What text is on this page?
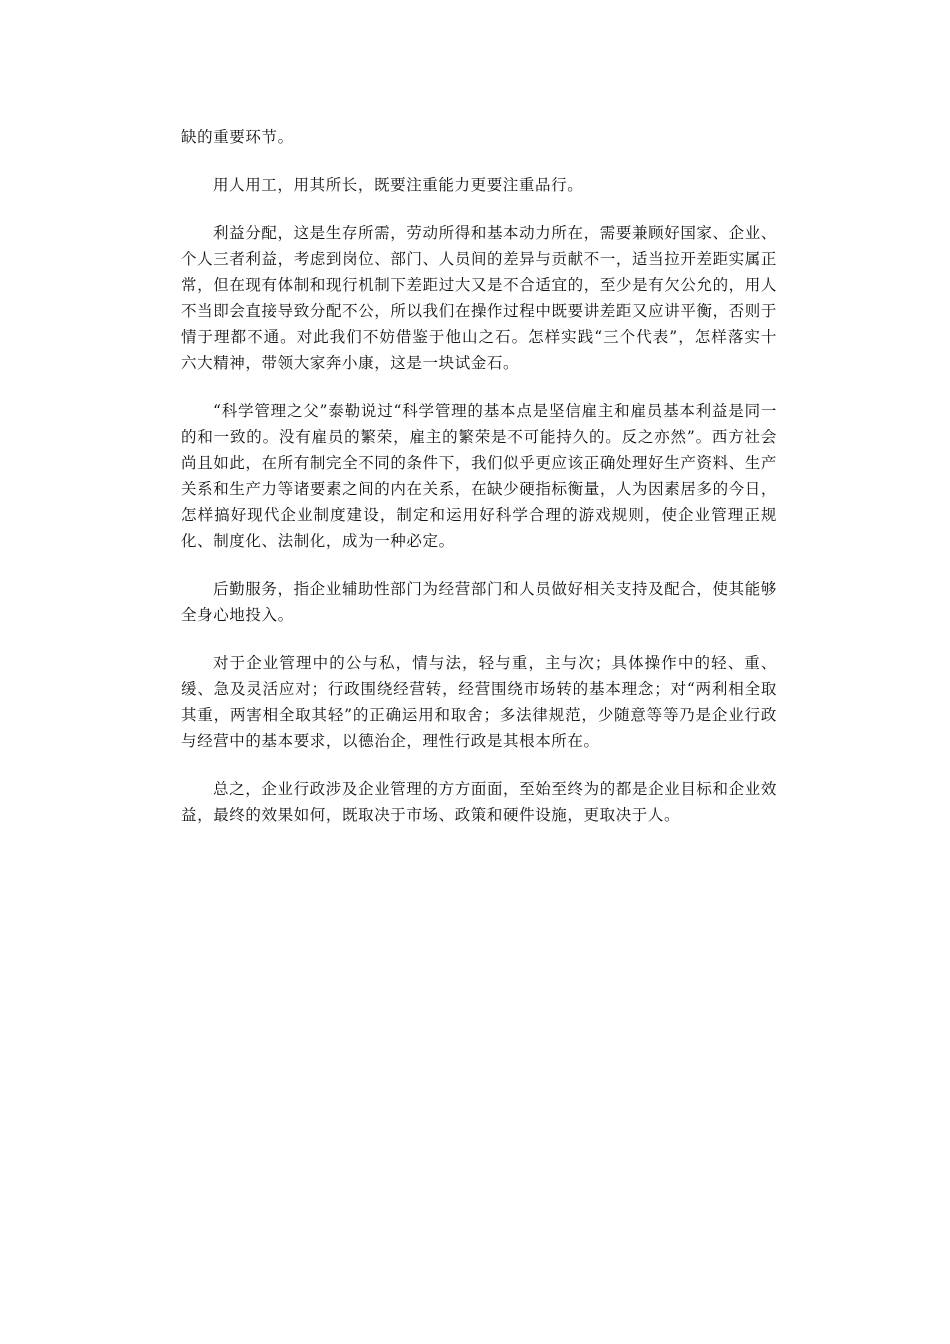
缺的重要环节。

用人用工，用其所长，既要注重能力更要注重品行。

利益分配，这是生存所需，劳动所得和基本动力所在，需要兼顾好国家、企业、个人三者利益，考虑到岗位、部门、人员间的差异与贡献不一，适当拉开差距实属正常，但在现有体制和现行机制下差距过大又是不合适宜的，至少是有欠公允的，用人不当即会直接导致分配不公，所以我们在操作过程中既要讲差距又应讲平衡，否则于情于理都不通。对此我们不妨借鉴于他山之石。怎样实践“三个代表”，怎样落实十六大精神，带领大家奔小康，这是一块试金石。

“科学管理之父”泰勒说过“科学管理的基本点是坚信雇主和雇员基本利益是同一的和一致的。没有雇员的繁荣，雇主的繁荣是不可能持久的。反之亦然”。西方社会尚且如此，在所有制完全不同的条件下，我们似乎更应该正确处理好生产资料、生产关系和生产力等诸要素之间的内在关系，在缺少硬指标衡量，人为因素居多的今日，怎样搞好现代企业制度建设，制定和运用好科学合理的游戏规则，使企业管理正规化、制度化、法制化，成为一种必定。

后勤服务，指企业辅助性部门为经营部门和人员做好相关支持及配合，使其能够全身心地投入。

对于企业管理中的公与私，情与法，轻与重，主与次；具体操作中的轻、重、缓、急及灵活应对；行政围绕经营转，经营围绕市场转的基本理念；对“两利相全取其重，两害相全取其轻”的正确运用和取舍；多法律规范，少随意等等乃是企业行政与经营中的基本要求，以德治企，理性行政是其根本所在。

总之，企业行政涉及企业管理的方方面面，至始至终为的都是企业目标和企业效益，最终的效果如何，既取决于市场、政策和硬件设施，更取决于人。
